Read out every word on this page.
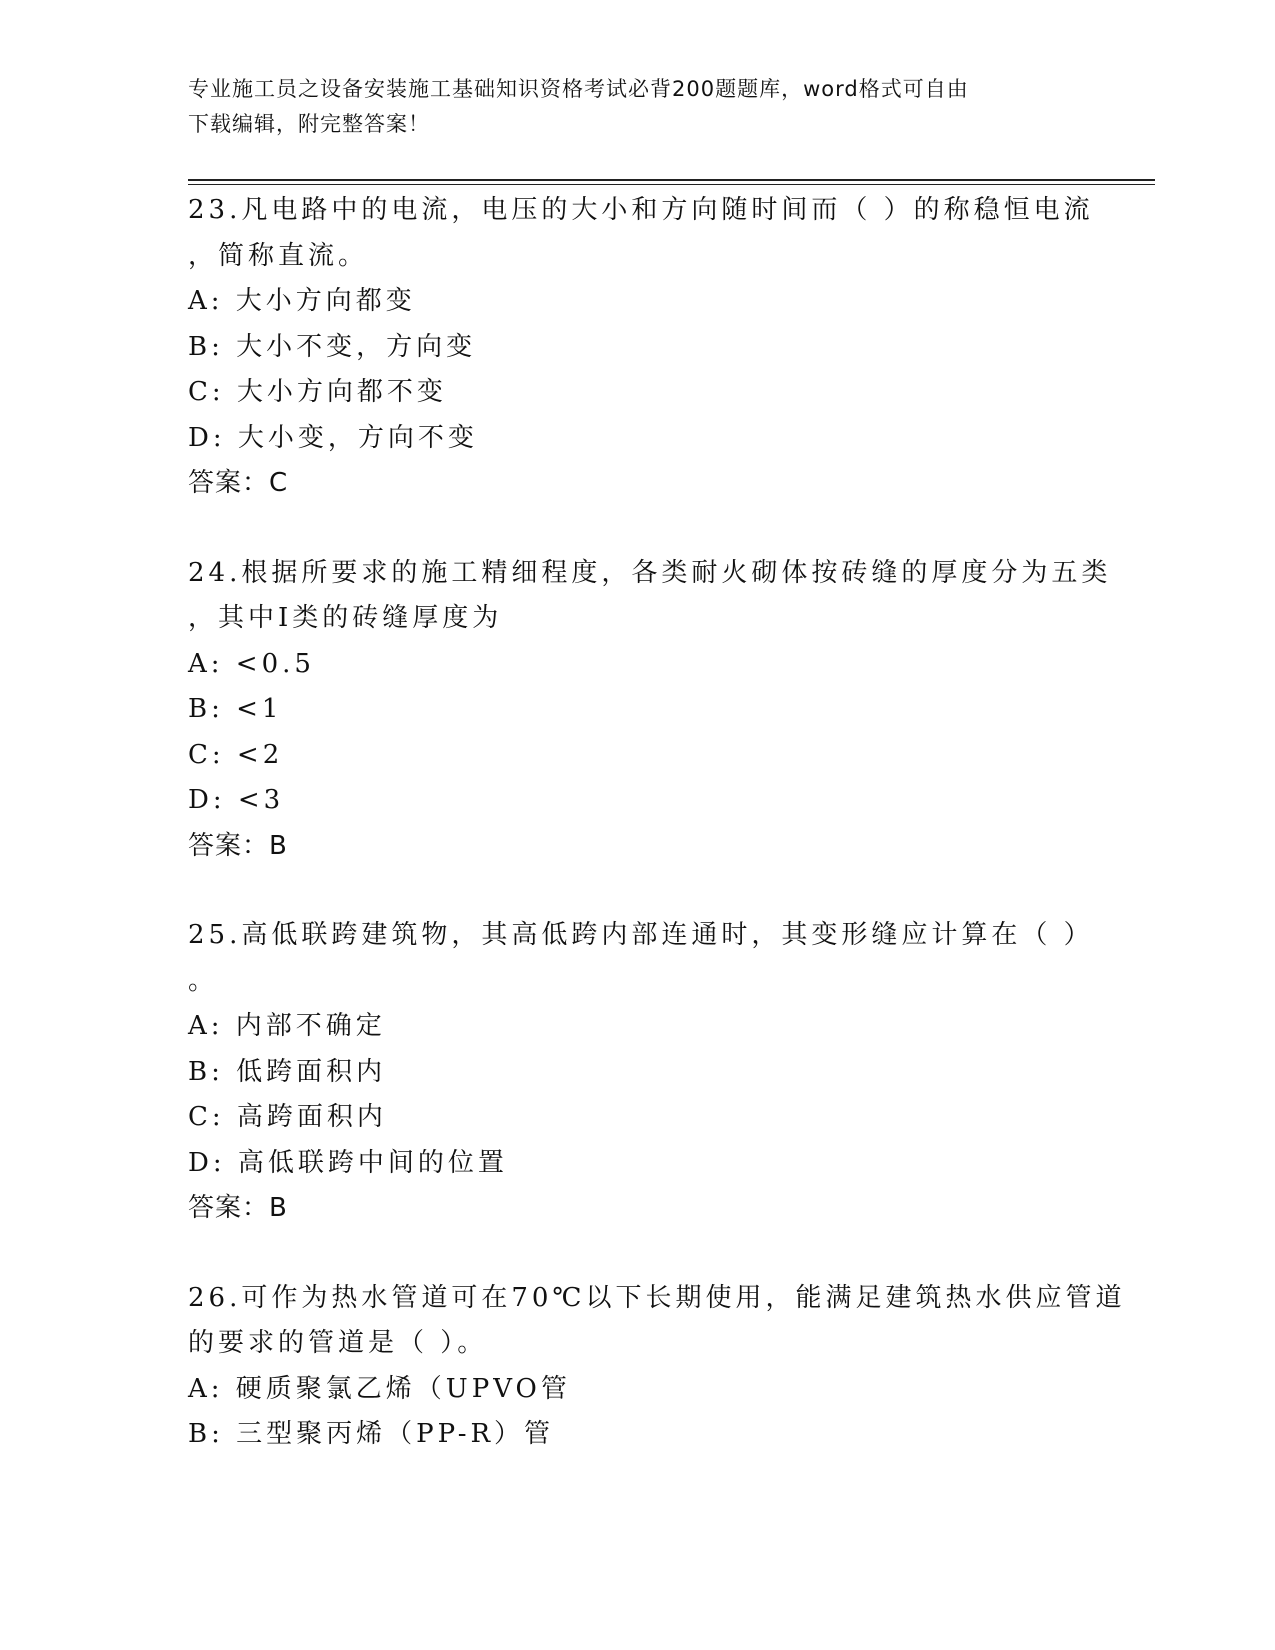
专业施工员之设备安装施工基础知识资格考试必背200题题库，word格式可自由
下载编辑，附完整答案！
23.凡电路中的电流，电压的大小和方向随时间而（ ）的称稳恒电流
，简称直流。
A: 大小方向都变
B: 大小不变，方向变
C: 大小方向都不变
D: 大小变，方向不变
答案：C
24.根据所要求的施工精细程度，各类耐火砌体按砖缝的厚度分为五类
，其中Ⅰ类的砖缝厚度为
A: <0.5
B: <1
C: <2
D: <3
答案：B
25.高低联跨建筑物，其高低跨内部连通时，其变形缝应计算在（ ）
。
A: 内部不确定
B: 低跨面积内
C: 高跨面积内
D: 高低联跨中间的位置
答案：B
26.可作为热水管道可在70℃以下长期使用，能满足建筑热水供应管道
的要求的管道是（ ）。
A: 硬质聚氯乙烯（UPVO管
B: 三型聚丙烯（PP-R）管
